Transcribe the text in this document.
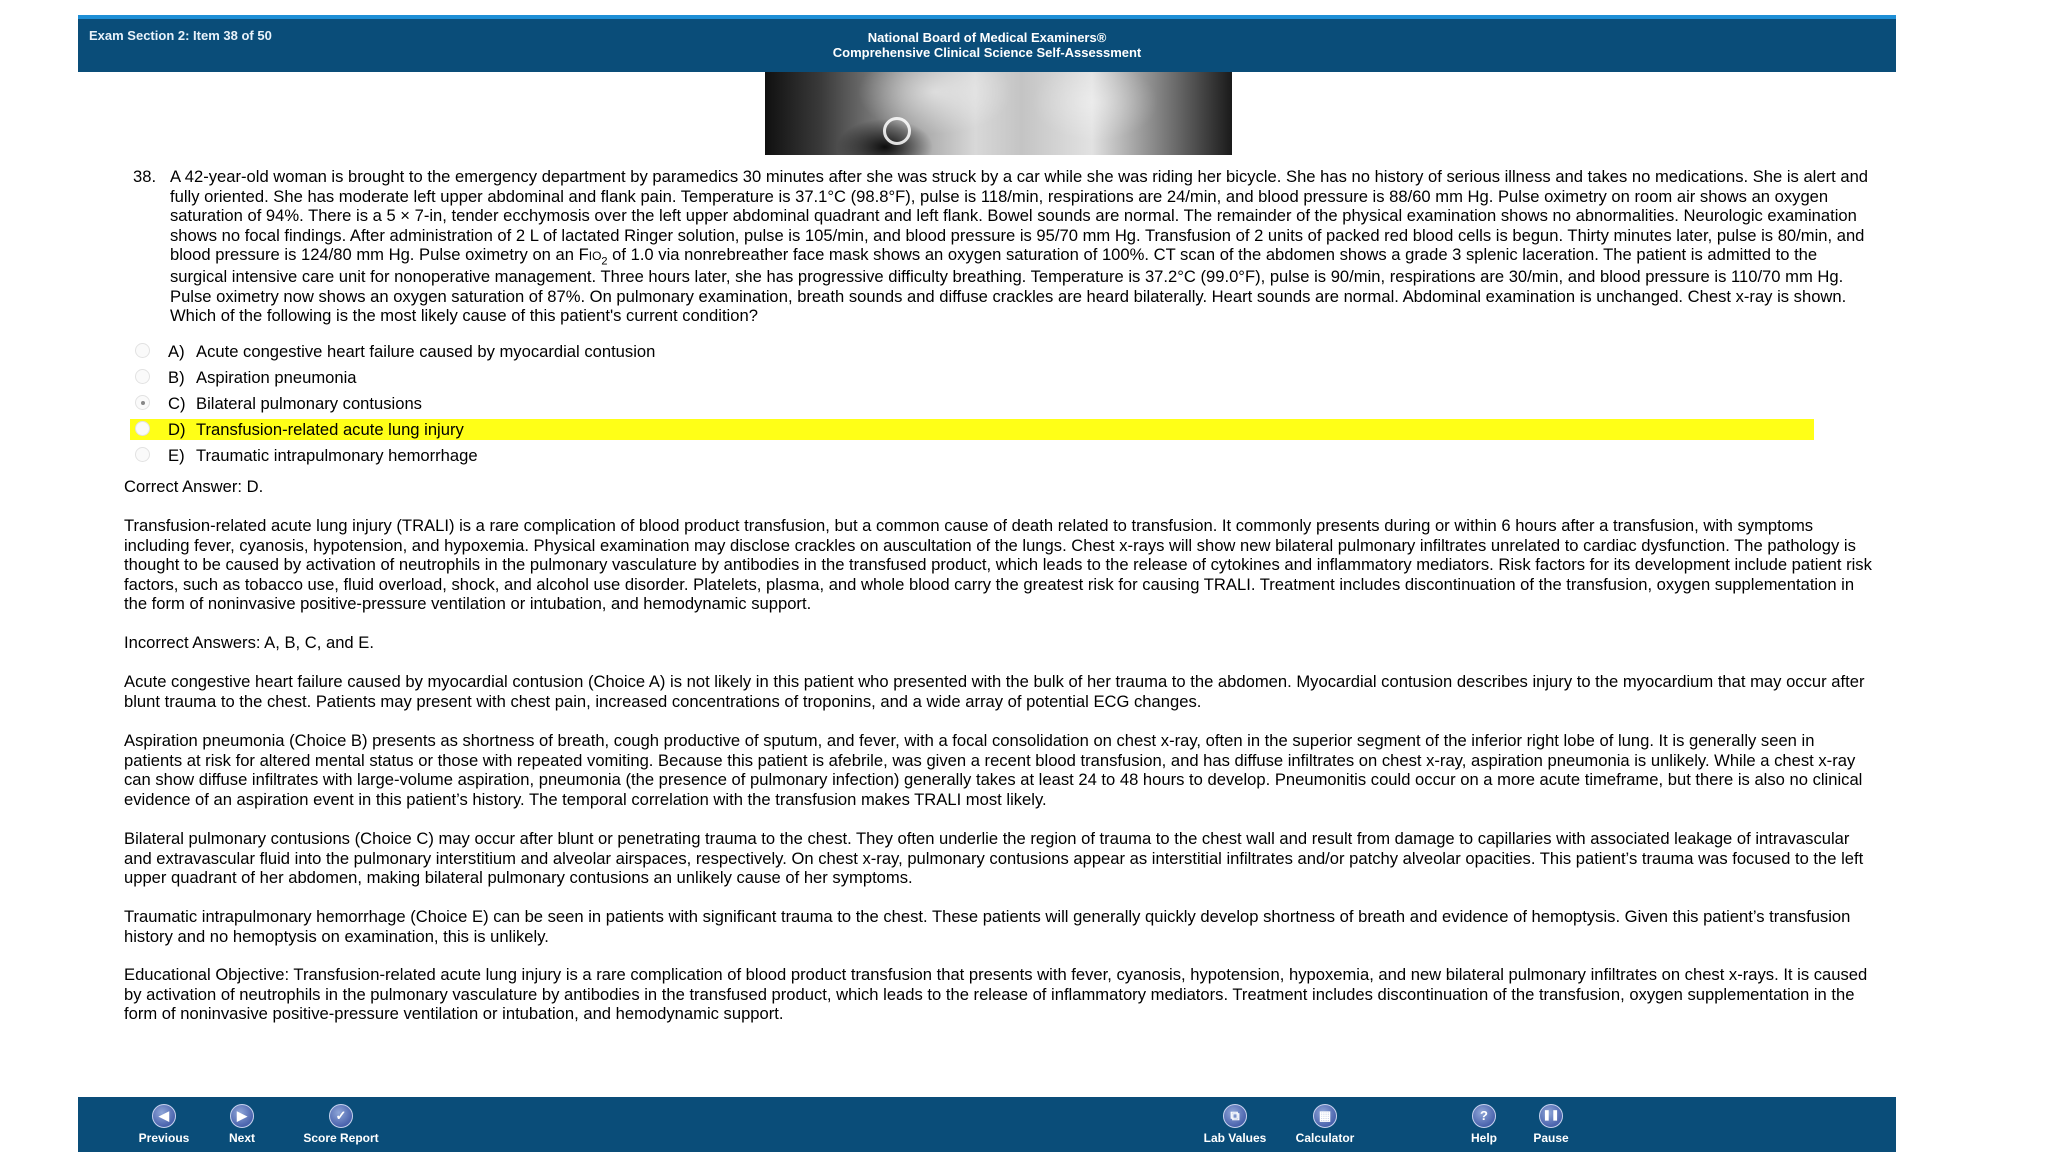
Exam Section 2: Item 38 of 50	National Board of Medical Examiners®
Comprehensive Clinical Science Self-Assessment
38. A 42-year-old woman is brought to the emergency department by paramedics 30 minutes after she was struck by a car while she was riding her bicycle. She has no history of serious illness and takes no medications. She is alert and fully oriented. She has moderate left upper abdominal and flank pain. Temperature is 37.1°C (98.8°F), pulse is 118/min, respirations are 24/min, and blood pressure is 88/60 mm Hg. Pulse oximetry on room air shows an oxygen saturation of 94%. There is a 5 × 7-in, tender ecchymosis over the left upper abdominal quadrant and left flank. Bowel sounds are normal. The remainder of the physical examination shows no abnormalities. Neurologic examination shows no focal findings. After administration of 2 L of lactated Ringer solution, pulse is 105/min, and blood pressure is 95/70 mm Hg. Transfusion of 2 units of packed red blood cells is begun. Thirty minutes later, pulse is 80/min, and blood pressure is 124/80 mm Hg. Pulse oximetry on an $FIO_2$ of 1.0 via nonrebreather face mask shows an oxygen saturation of 100%. CT scan of the abdomen shows a grade 3 splenic laceration. The patient is admitted to the surgical intensive care unit for nonoperative management. Three hours later, she has progressive difficulty breathing. Temperature is 37.2°C (99.0°F), pulse is 90/min, respirations are 30/min, and blood pressure is 110/70 mm Hg. Pulse oximetry now shows an oxygen saturation of 87%. On pulmonary examination, breath sounds and diffuse crackles are heard bilaterally. Heart sounds are normal. Abdominal examination is unchanged. Chest x-ray is shown. Which of the following is the most likely cause of this patient's current condition?
A) Acute congestive heart failure caused by myocardial contusion
B) Aspiration pneumonia
C) Bilateral pulmonary contusions
D) Transfusion-related acute lung injury
E) Traumatic intrapulmonary hemorrhage

Correct Answer: D.

Transfusion-related acute lung injury (TRALI) is a rare complication of blood product transfusion, but a common cause of death related to transfusion. It commonly presents during or within 6 hours after a transfusion, with symptoms including fever, cyanosis, hypotension, and hypoxemia. Physical examination may disclose crackles on auscultation of the lungs. Chest x-rays will show new bilateral pulmonary infiltrates unrelated to cardiac dysfunction. The pathology is thought to be caused by activation of neutrophils in the pulmonary vasculature by antibodies in the transfused product, which leads to the release of cytokines and inflammatory mediators. Risk factors for its development include patient risk factors, such as tobacco use, fluid overload, shock, and alcohol use disorder. Platelets, plasma, and whole blood carry the greatest risk for causing TRALI. Treatment includes discontinuation of the transfusion, oxygen supplementation in the form of noninvasive positive-pressure ventilation or intubation, and hemodynamic support.

Incorrect Answers: A, B, C, and E.

Acute congestive heart failure caused by myocardial contusion (Choice A) is not likely in this patient who presented with the bulk of her trauma to the abdomen. Myocardial contusion describes injury to the myocardium that may occur after blunt trauma to the chest. Patients may present with chest pain, increased concentrations of troponins, and a wide array of potential ECG changes.

Aspiration pneumonia (Choice B) presents as shortness of breath, cough productive of sputum, and fever, with a focal consolidation on chest x-ray, often in the superior segment of the inferior right lobe of lung. It is generally seen in patients at risk for altered mental status or those with repeated vomiting. Because this patient is afebrile, was given a recent blood transfusion, and has diffuse infiltrates on chest x-ray, aspiration pneumonia is unlikely. While a chest x-ray can show diffuse infiltrates with large-volume aspiration, pneumonia (the presence of pulmonary infection) generally takes at least 24 to 48 hours to develop. Pneumonitis could occur on a more acute timeframe, but there is also no clinical evidence of an aspiration event in this patient’s history. The temporal correlation with the transfusion makes TRALI most likely.

Bilateral pulmonary contusions (Choice C) may occur after blunt or penetrating trauma to the chest. They often underlie the region of trauma to the chest wall and result from damage to capillaries with associated leakage of intravascular and extravascular fluid into the pulmonary interstitium and alveolar airspaces, respectively. On chest x-ray, pulmonary contusions appear as interstitial infiltrates and/or patchy alveolar opacities. This patient’s trauma was focused to the left upper quadrant of her abdomen, making bilateral pulmonary contusions an unlikely cause of her symptoms.

Traumatic intrapulmonary hemorrhage (Choice E) can be seen in patients with significant trauma to the chest. These patients will generally quickly develop shortness of breath and evidence of hemoptysis. Given this patient’s transfusion history and no hemoptysis on examination, this is unlikely.

Educational Objective: Transfusion-related acute lung injury is a rare complication of blood product transfusion that presents with fever, cyanosis, hypotension, hypoxemia, and new bilateral pulmonary infiltrates on chest x-rays. It is caused by activation of neutrophils in the pulmonary vasculature by antibodies in the transfused product, which leads to the release of inflammatory mediators. Treatment includes discontinuation of the transfusion, oxygen supplementation in the form of noninvasive positive-pressure ventilation or intubation, and hemodynamic support.

◀
Previous
▶
Next
✓
Score Report
⧉
Lab Values
▦
Calculator
?
Help
❚❚
Pause
